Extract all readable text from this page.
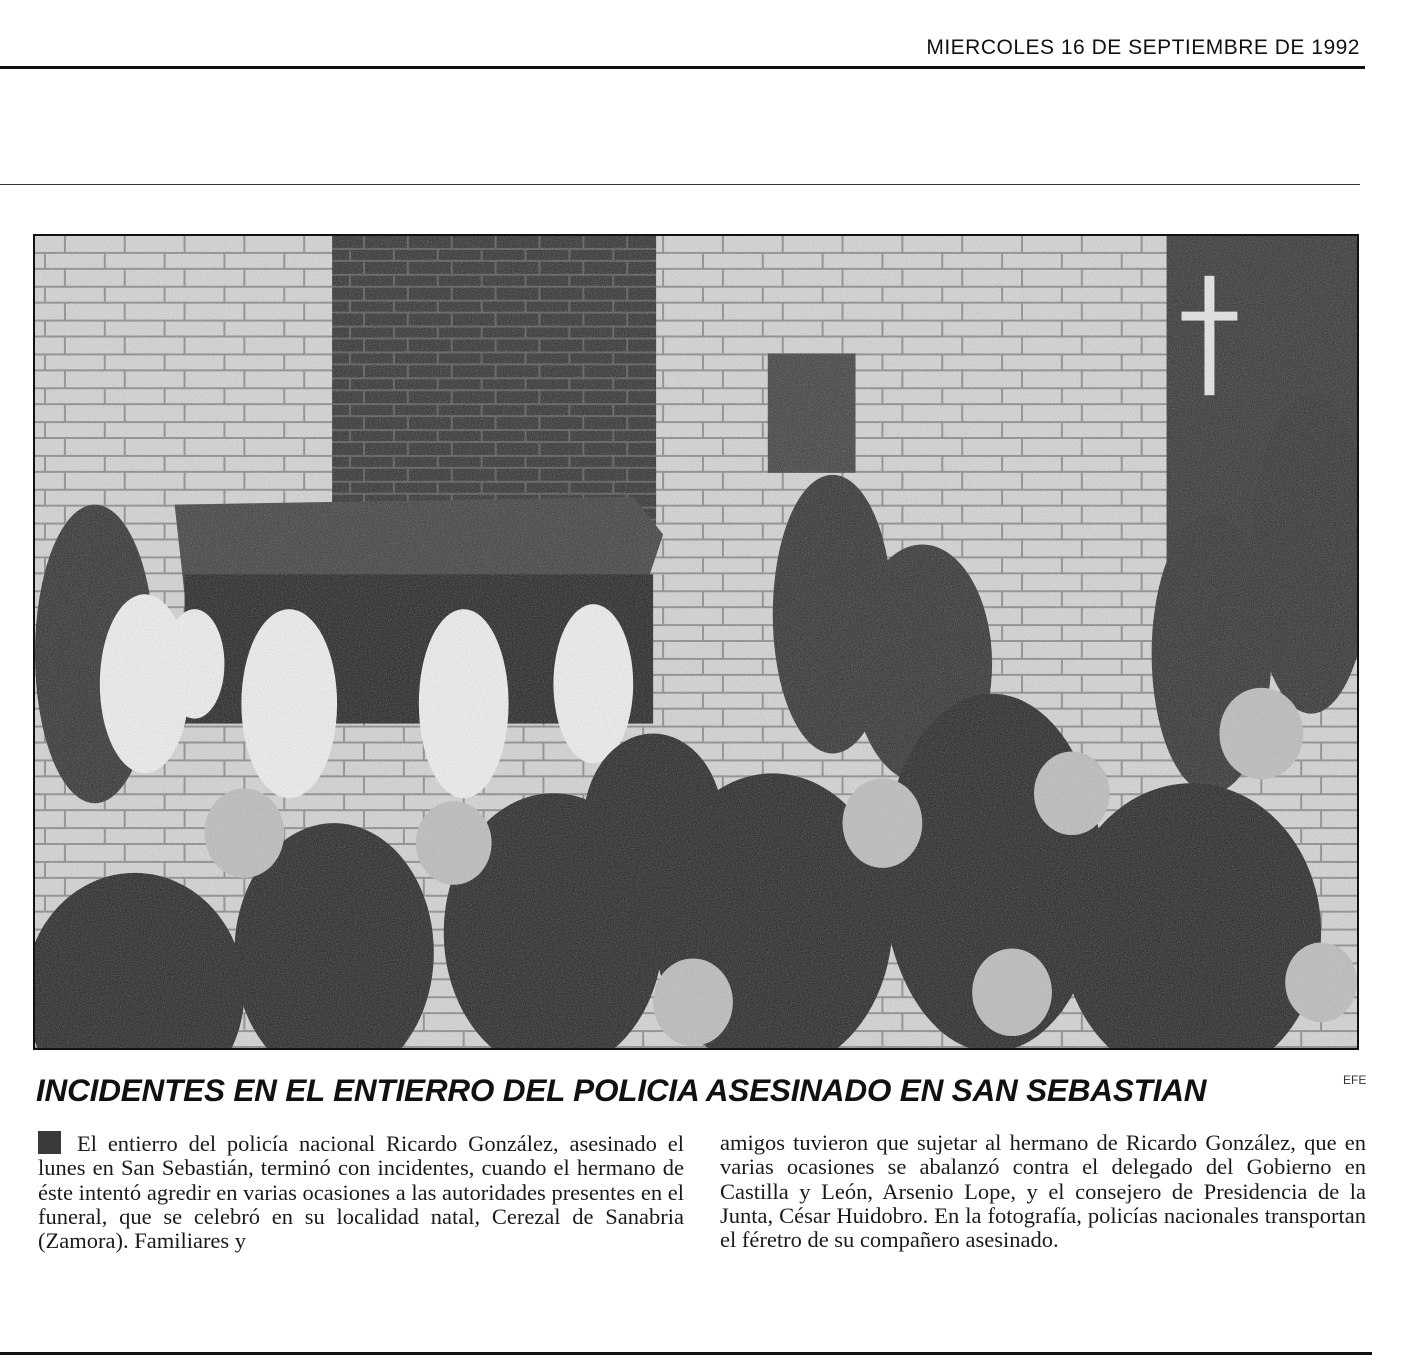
MIERCOLES 16 DE SEPTIEMBRE DE 1992
EFE
INCIDENTES EN EL ENTIERRO DEL POLICIA ASESINADO EN SAN SEBASTIAN
El entierro del policía nacional Ricardo González, asesinado el lunes en San Sebastián, terminó con incidentes, cuando el hermano de éste intentó agredir en varias ocasiones a las autoridades presentes en el funeral, que se celebró en su localidad natal, Cerezal de Sanabria (Zamora). Familiares y
amigos tuvieron que sujetar al hermano de Ricardo González, que en varias ocasiones se abalanzó contra el delegado del Gobierno en Castilla y León, Arsenio Lope, y el consejero de Presidencia de la Junta, César Huidobro. En la fotografía, policías nacionales transportan el féretro de su compañero asesinado.
